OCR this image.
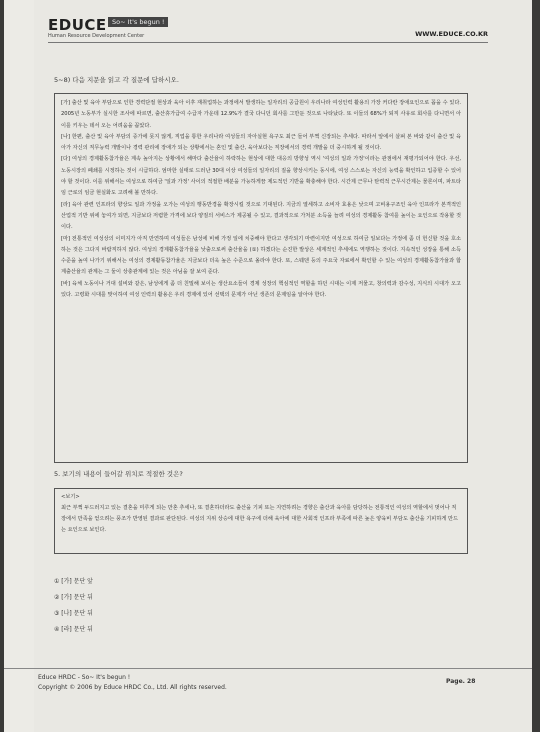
EDUCE So~ It's begun !
Human Resource Development Center	WWW.EDUCE.CO.KR
5~8) 다음 지문을 읽고 각 질문에 답하시오.

[가] 출산 및 육아 부담으로 인한 경력단절 현상과 육아 이후 재취업하는 과정에서 발생하는 일자리의 공급원이 우리나라 여성인력 활용의 가장 커다란 장애요인으로 꼽을 수 있다. 2005년 노동부가 실시한 조사에 따르면, 출산휴가급여 수급자 가운데 12.9%가 결국 다니던 회사를 그만둔 것으로 나타났다. 또 이들의 68%가 퇴직 사유로 회사를 다니면서 아이를 키우는 데서 오는 어려움을 꼽았다.

[나] 한편, 출산 및 육아 부담의 증가에 못지 않게, 직업을 통한 우리나라 여성들의 자아실현 욕구도 최근 들어 부쩍 신장되는 추세다. 따라서 앞에서 살펴 본 바와 같이 출산 및 육아가 자신의 직무능력 개발이나 경력 관리에 장애가 되는 상황에서는 혼인 및 출산, 육아보다는 직장에서의 경력 개발을 더 중시하게 될 것이다.

[다] 여성의 경제활동참가율은 계속 높아지는 상황에서 해마다 출산율이 하락하는 현상에 대한 대응의 방향성 역시 '여성의 일과 가정'이라는 관점에서 재평가되어야 한다. 우선, 노동시장의 폐쇄를 시정하는 것이 시급하다. 엄마한 실태로 드러난 30대 이상 여성들의 일자리의 질을 향상시키는 동시에, 여성 스스로는 자신의 능력을 확인하고 입증할 수 있어야 할 것이다. 이를 위해서는 여성으로 하여금 '일과 가정' 사이의 적절한 배분을 가능하게끔 제도적인 기반을 확충해야 한다. 시간제 근무나 탄력적 근무시간제는 물론이며, 파트타임 근로의 임금 현실화도 고려해 볼 만하다.

[라] 육아 관련 인프라의 향상도 일과 가정을 오가는 여성의 행동반경을 확장시킬 것으로 기대된다. 지금의 열세하고 소비자 효용은 낮으며 고비용구조인 육아 인프라가 본격적인 산업적 기반 위에 놓여가 되면, 지금보다 저렴한 가격에 보다 양질의 서비스가 제공될 수 있고, 결과적으로 가처분 소득을 늘려 여성의 경제활동 참여를 높이는 요인으로 작용할 것이다.

[마] 전통적인 여성상의 이미지가 아직 만연하며 여성들은 남성에 비해 가정 일에 치중해야 한다고 생각되기 마련이지만 여성으로 하여금 일보다는 가정에 좀 더 헌신할 것을 호소하는 것은 그다지 바람직하지 않다. 여성의 경제활동참가율을 낮출으로써 출산율을 (①) 하겠다는 순진한 발상은 세계적인 추세에도 역행하는 것이다. 지속적인 성장을 통해 소득 수준을 높여 나가기 위해서는 여성의 경제활동참가율은 지금보다 더욱 높은 수준으로 올라야 한다. 또, 스웨덴 등의 주요국 자료에서 확인할 수 있는 여성의 경제활동참가율과 합계출산율의 관계는 그 둘이 상충관계에 있는 것은 아님을 잘 보여 준다.

[바] 육체 노동이나 거대 설비와 같은, 남성에게 좀 더 친밀해 보이는 생산요소들이 경제 성장의 핵심적인 역할을 하던 시대는 이제 저물고, 창의력과 감수성, 지식의 시대가 오고 있다. 고령화 시대를 맞이하여 여성 인력의 활용은 우리 경제에 있어 선택의 문제가 아닌 생존의 문제임을 알아야 한다.

5. 보기의 내용이 들어갈 위치로 적절한 것은?
<보기>
최근 부쩍 두드러지고 있는 결혼을 미루게 되는 만혼 추세나, 또 결혼하더라도 출산을 기피 또는 지연하려는 경향은 출산과 육아를 담당하는 전통적인 여성의 역할에서 벗어나 직장에서 만족을 얻으려는 풍조가 반영된 결과로 판단된다. 여성의 지위 상승에 대한 욕구에 더해 육아에 대한 사회적 인프라 부족에 따른 높은 양육비 부담도 출산을 기피하게 만드는 요인으로 보인다.
① [가] 문단 앞
② [가] 문단 뒤
③ [나] 문단 뒤
④ [라] 문단 뒤
Educe HRDC - So~ It's begun !
Copyright © 2006 by Educe HRDC Co., Ltd. All rights reserved.
Page. 28
